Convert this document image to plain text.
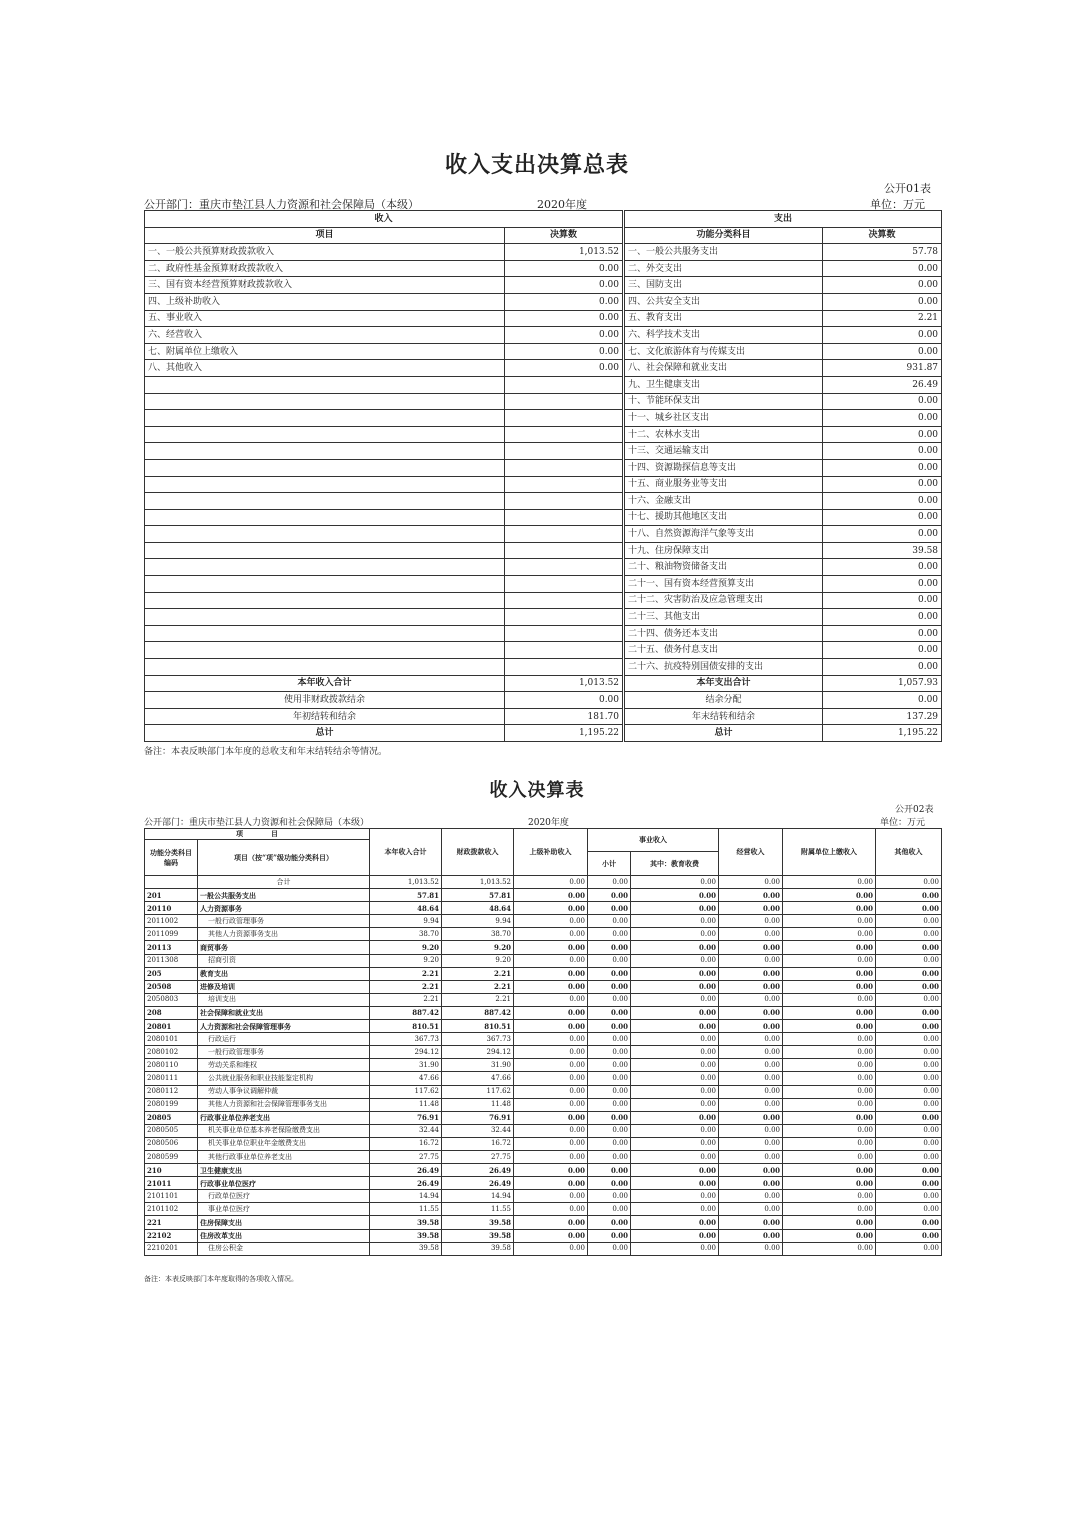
收入支出决算总表
公开01表
公开部门：重庆市垫江县人力资源和社会保障局（本级）	2020年度	单位：万元
收入			支出	
项目	决算数		功能分类科目	决算数
一、一般公共预算财政拨款收入	1,013.52		一、一般公共服务支出	57.78
二、政府性基金预算财政拨款收入	0.00		二、外交支出	0.00
三、国有资本经营预算财政拨款收入	0.00		三、国防支出	0.00
四、上级补助收入	0.00		四、公共安全支出	0.00
五、事业收入	0.00		五、教育支出	2.21
六、经营收入	0.00		六、科学技术支出	0.00
七、附属单位上缴收入	0.00		七、文化旅游体育与传媒支出	0.00
八、其他收入	0.00		八、社会保障和就业支出	931.87
			九、卫生健康支出	26.49
			十、节能环保支出	0.00
			十一、城乡社区支出	0.00
			十二、农林水支出	0.00
			十三、交通运输支出	0.00
			十四、资源勘探信息等支出	0.00
			十五、商业服务业等支出	0.00
			十六、金融支出	0.00
			十七、援助其他地区支出	0.00
			十八、自然资源海洋气象等支出	0.00
			十九、住房保障支出	39.58
			二十、粮油物资储备支出	0.00
			二十一、国有资本经营预算支出	0.00
			二十二、灾害防治及应急管理支出	0.00
			二十三、其他支出	0.00
			二十四、债务还本支出	0.00
			二十五、债务付息支出	0.00
			二十六、抗疫特别国债安排的支出	0.00
本年收入合计	1,013.52		本年支出合计	1,057.93
使用非财政拨款结余	0.00		结余分配	0.00
年初结转和结余	181.70		年末结转和结余	137.29
总计	1,195.22		总计	1,195.22
备注：本表反映部门本年度的总收支和年末结转结余等情况。
收入决算表
公开02表
公开部门：重庆市垫江县人力资源和社会保障局（本级）	2020年度	单位：万元
项　　　　目		本年收入合计	财政拨款收入	上级补助收入	事业收入		经营收入	附属单位上缴收入	其他收入
功能分类科目编码	项目（按“项”级功能分类科目）								
					小计	其中：教育收费			
	合计	1,013.52	1,013.52	0.00	0.00	0.00	0.00	0.00	0.00
201	一般公共服务支出	57.81	57.81	0.00	0.00	0.00	0.00	0.00	0.00
20110	人力资源事务	48.64	48.64	0.00	0.00	0.00	0.00	0.00	0.00
2011002	一般行政管理事务	9.94	9.94	0.00	0.00	0.00	0.00	0.00	0.00
2011099	其他人力资源事务支出	38.70	38.70	0.00	0.00	0.00	0.00	0.00	0.00
20113	商贸事务	9.20	9.20	0.00	0.00	0.00	0.00	0.00	0.00
2011308	招商引资	9.20	9.20	0.00	0.00	0.00	0.00	0.00	0.00
205	教育支出	2.21	2.21	0.00	0.00	0.00	0.00	0.00	0.00
20508	进修及培训	2.21	2.21	0.00	0.00	0.00	0.00	0.00	0.00
2050803	培训支出	2.21	2.21	0.00	0.00	0.00	0.00	0.00	0.00
208	社会保障和就业支出	887.42	887.42	0.00	0.00	0.00	0.00	0.00	0.00
20801	人力资源和社会保障管理事务	810.51	810.51	0.00	0.00	0.00	0.00	0.00	0.00
2080101	行政运行	367.73	367.73	0.00	0.00	0.00	0.00	0.00	0.00
2080102	一般行政管理事务	294.12	294.12	0.00	0.00	0.00	0.00	0.00	0.00
2080110	劳动关系和维权	31.90	31.90	0.00	0.00	0.00	0.00	0.00	0.00
2080111	公共就业服务和职业技能鉴定机构	47.66	47.66	0.00	0.00	0.00	0.00	0.00	0.00
2080112	劳动人事争议调解仲裁	117.62	117.62	0.00	0.00	0.00	0.00	0.00	0.00
2080199	其他人力资源和社会保障管理事务支出	11.48	11.48	0.00	0.00	0.00	0.00	0.00	0.00
20805	行政事业单位养老支出	76.91	76.91	0.00	0.00	0.00	0.00	0.00	0.00
2080505	机关事业单位基本养老保险缴费支出	32.44	32.44	0.00	0.00	0.00	0.00	0.00	0.00
2080506	机关事业单位职业年金缴费支出	16.72	16.72	0.00	0.00	0.00	0.00	0.00	0.00
2080599	其他行政事业单位养老支出	27.75	27.75	0.00	0.00	0.00	0.00	0.00	0.00
210	卫生健康支出	26.49	26.49	0.00	0.00	0.00	0.00	0.00	0.00
21011	行政事业单位医疗	26.49	26.49	0.00	0.00	0.00	0.00	0.00	0.00
2101101	行政单位医疗	14.94	14.94	0.00	0.00	0.00	0.00	0.00	0.00
2101102	事业单位医疗	11.55	11.55	0.00	0.00	0.00	0.00	0.00	0.00
221	住房保障支出	39.58	39.58	0.00	0.00	0.00	0.00	0.00	0.00
22102	住房改革支出	39.58	39.58	0.00	0.00	0.00	0.00	0.00	0.00
2210201	住房公积金	39.58	39.58	0.00	0.00	0.00	0.00	0.00	0.00
备注：本表反映部门本年度取得的各项收入情况。
